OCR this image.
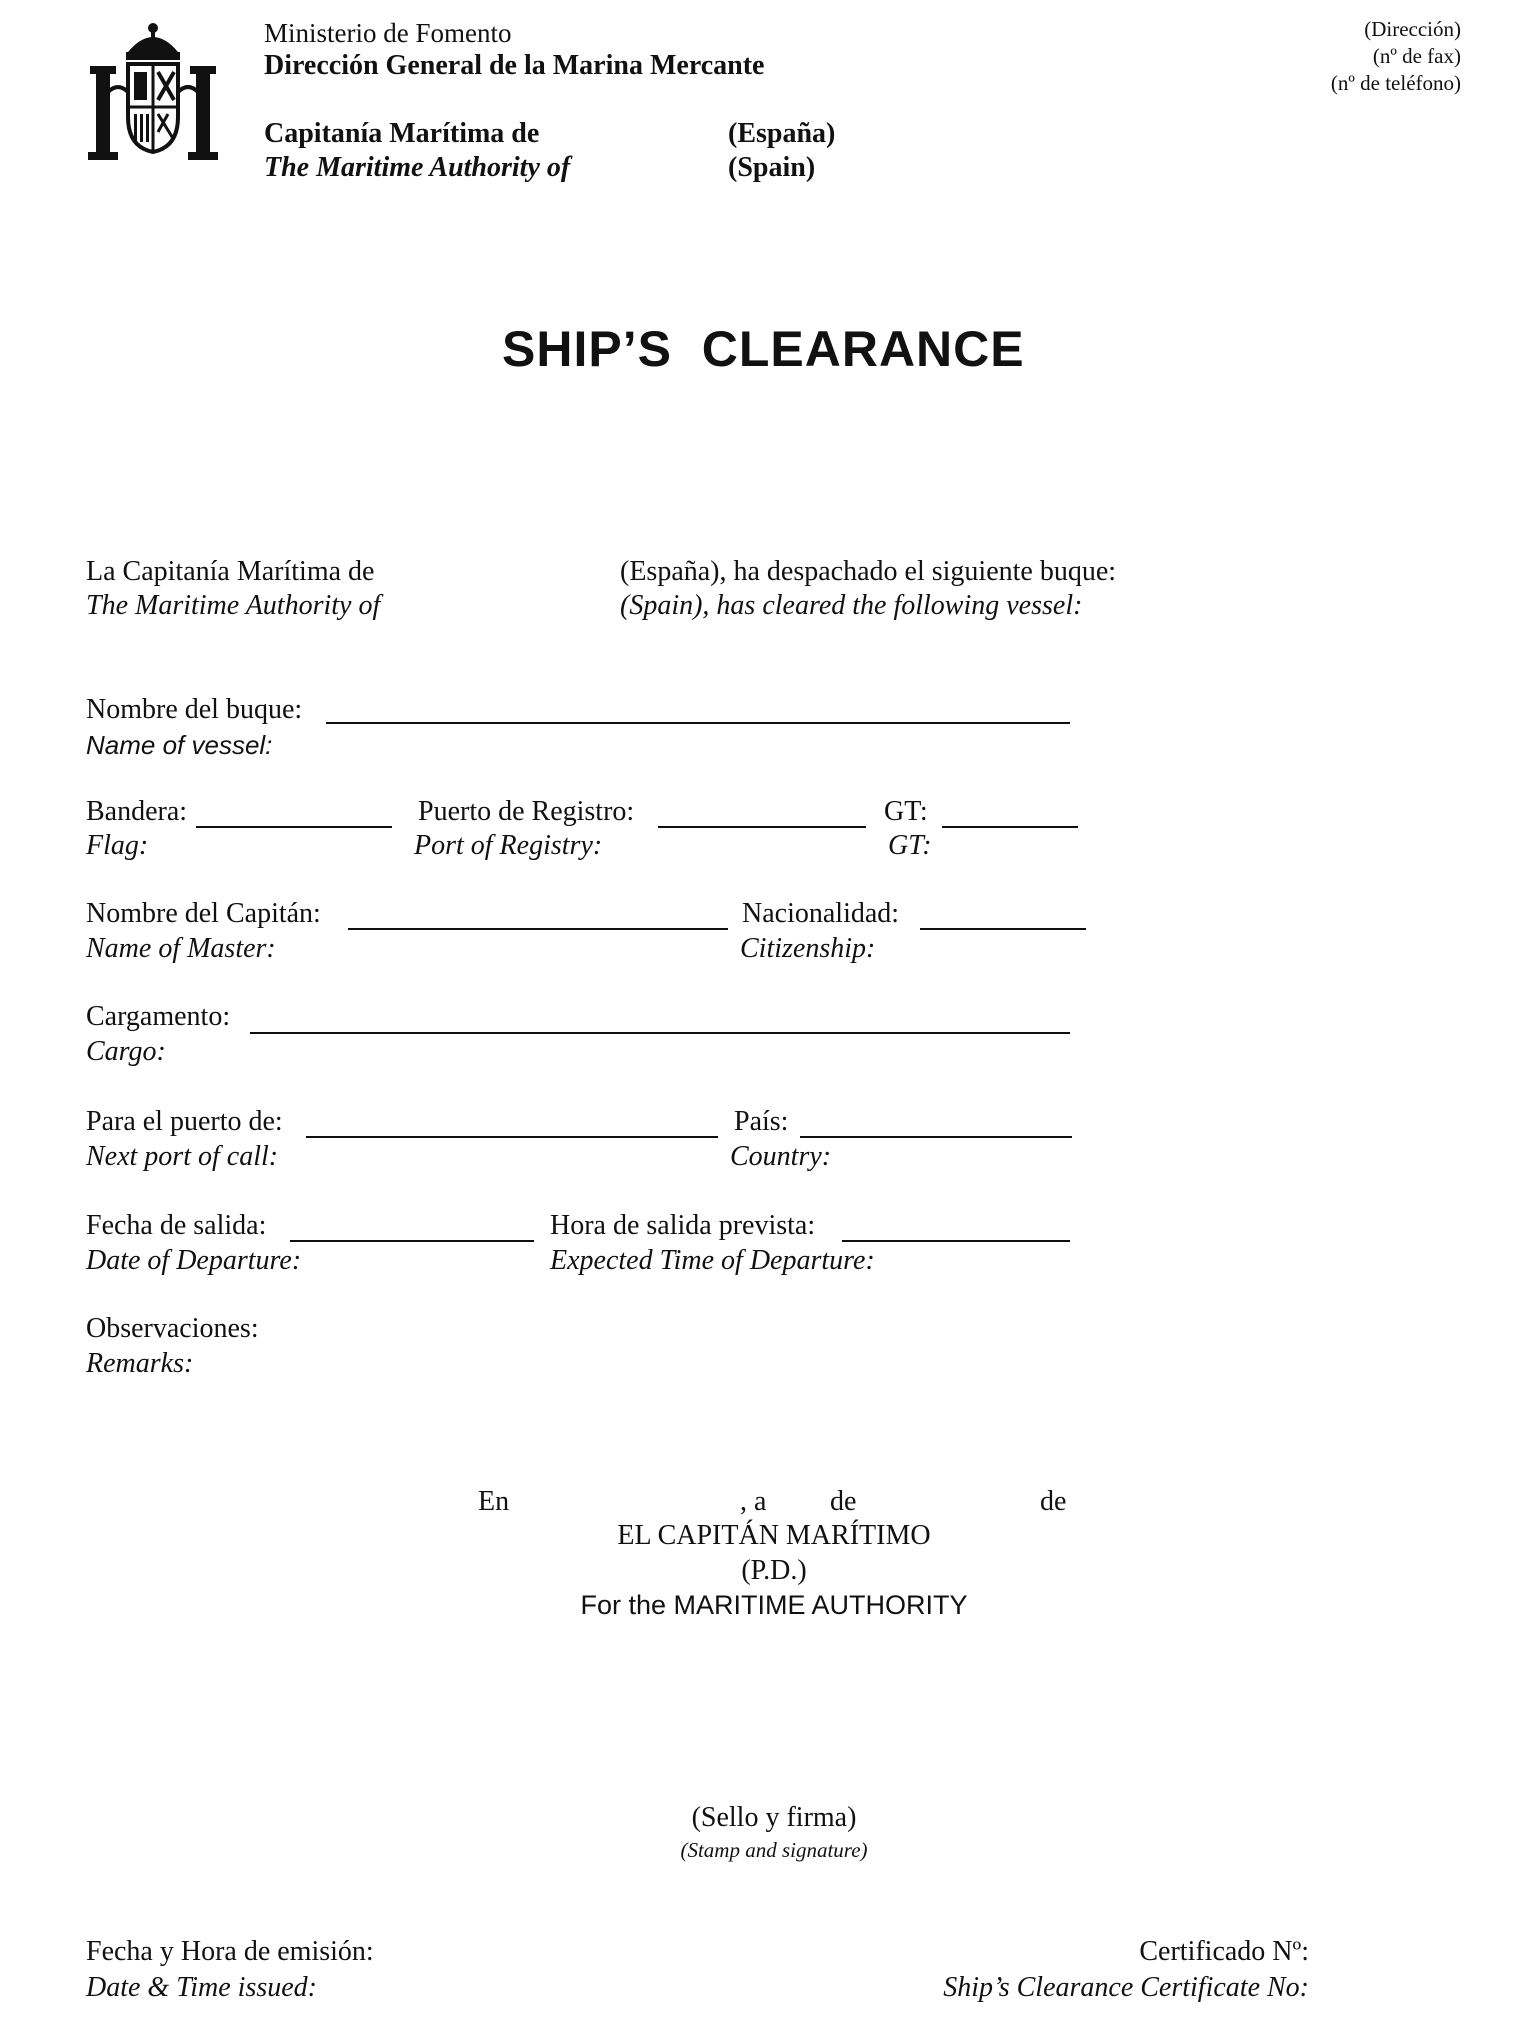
Ministerio de Fomento
Dirección General de la Marina Mercante
Capitanía Marítima de
The Maritime Authority of
(España)
(Spain)
(Dirección)
(nº de fax)
(nº de teléfono)
SHIP’S  CLEARANCE
La Capitanía Marítima de
The Maritime Authority of
(España), ha despachado el siguiente buque:
(Spain), has cleared the following vessel:
Nombre del buque:
Name of vessel:
Bandera:
Flag:
Puerto de Registro:
Port of Registry:
GT:
GT:
Nombre del Capitán:
Name of Master:
Nacionalidad:
Citizenship:
Cargamento:
Cargo:
Para el puerto de:
Next port of call:
País:
Country:
Fecha de salida:
Date of Departure:
Hora de salida prevista:
Expected Time of Departure:
Observaciones:
Remarks:
En	, a de	de
EL CAPITÁN MARÍTIMO
(P.D.)
For the MARITIME AUTHORITY
(Sello y firma)
(Stamp and signature)
Fecha y Hora de emisión:
Date & Time issued:
Certificado Nº:
Ship’s Clearance Certificate No:
